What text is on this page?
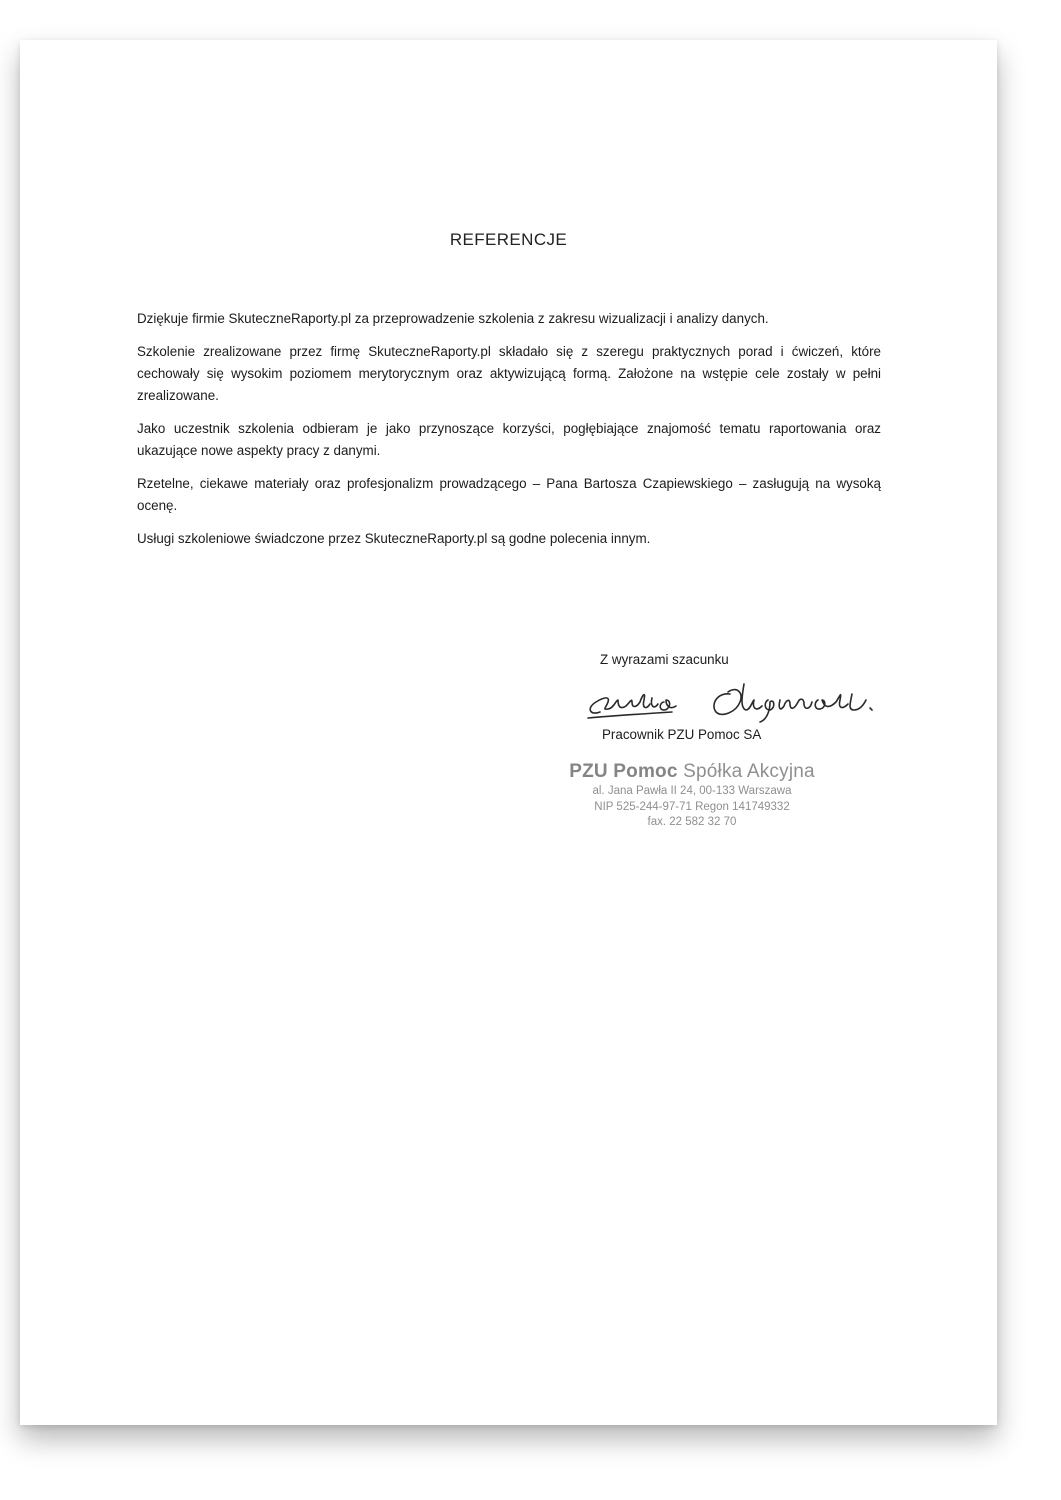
REFERENCJE

Dziękuje firmie SkuteczneRaporty.pl za przeprowadzenie szkolenia z zakresu wizualizacji i analizy danych.

Szkolenie zrealizowane przez firmę SkuteczneRaporty.pl składało się z szeregu praktycznych porad i ćwiczeń, które cechowały się wysokim poziomem merytorycznym oraz aktywizującą formą. Założone na wstępie cele zostały w pełni zrealizowane.

Jako uczestnik szkolenia odbieram je jako przynoszące korzyści, pogłębiające znajomość tematu raportowania oraz ukazujące nowe aspekty pracy z danymi.

Rzetelne, ciekawe materiały oraz profesjonalizm prowadzącego – Pana Bartosza Czapiewskiego – zasługują na wysoką ocenę.

Usługi szkoleniowe świadczone przez SkuteczneRaporty.pl są godne polecenia innym.

Z wyrazami szacunku
Pracownik PZU Pomoc SA
PZU Pomoc Spółka Akcyjna
al. Jana Pawła II 24, 00-133 Warszawa
NIP 525-244-97-71 Regon 141749332
fax. 22 582 32 70
